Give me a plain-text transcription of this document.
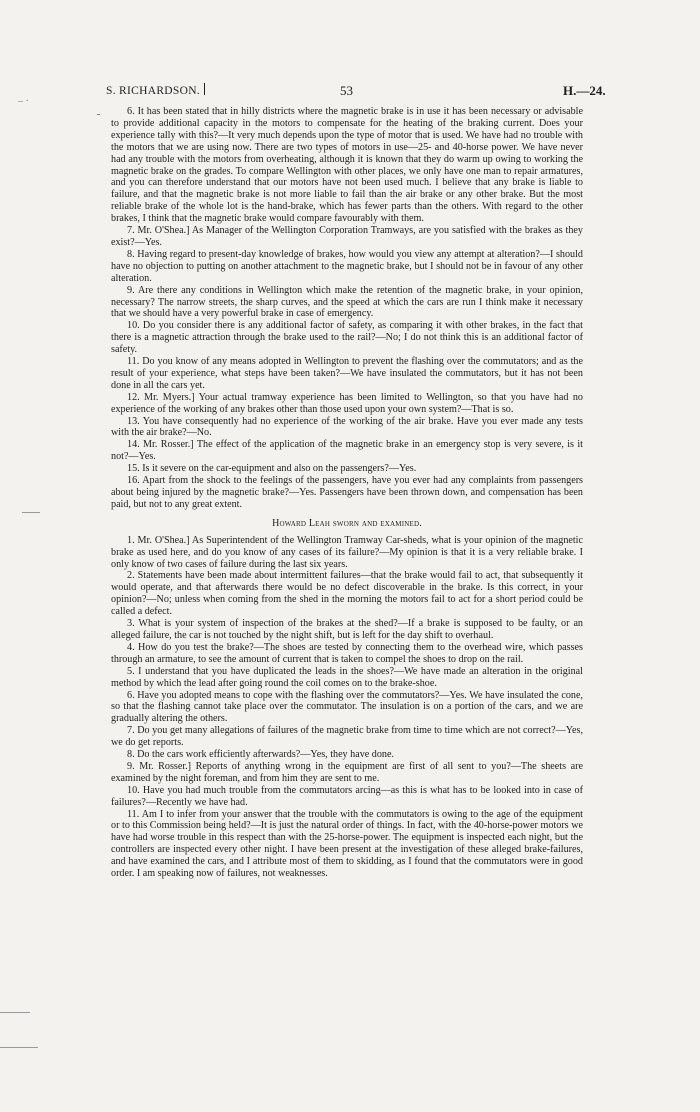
‒ ·
ـ
S. RICHARDSON.	53	H.—24.

6. It has been stated that in hilly districts where the magnetic brake is in use it has been necessary or advisable to provide additional capacity in the motors to compensate for the heating of the braking current. Does your experience tally with this?—It very much depends upon the type of motor that is used. We have had no trouble with the motors that we are using now. There are two types of motors in use—25- and 40-horse power. We have never had any trouble with the motors from overheating, although it is known that they do warm up owing to working the magnetic brake on the grades. To compare Wellington with other places, we only have one man to repair armatures, and you can therefore understand that our motors have not been used much. I believe that any brake is liable to failure, and that the magnetic brake is not more liable to fail than the air brake or any other brake. But the most reliable brake of the whole lot is the hand-brake, which has fewer parts than the others. With regard to the other brakes, I think that the magnetic brake would compare favourably with them.

7. Mr. O'Shea.] As Manager of the Wellington Corporation Tramways, are you satisfied with the brakes as they exist?—Yes.

8. Having regard to present-day knowledge of brakes, how would you view any attempt at alteration?—I should have no objection to putting on another attachment to the magnetic brake, but I should not be in favour of any other alteration.

9. Are there any conditions in Wellington which make the retention of the magnetic brake, in your opinion, necessary? The narrow streets, the sharp curves, and the speed at which the cars are run I think make it necessary that we should have a very powerful brake in case of emergency.

10. Do you consider there is any additional factor of safety, as comparing it with other brakes, in the fact that there is a magnetic attraction through the brake used to the rail?—No; I do not think this is an additional factor of safety.

11. Do you know of any means adopted in Wellington to prevent the flashing over the commutators; and as the result of your experience, what steps have been taken?—We have insulated the commutators, but it has not been done in all the cars yet.

12. Mr. Myers.] Your actual tramway experience has been limited to Wellington, so that you have had no experience of the working of any brakes other than those used upon your own system?—That is so.

13. You have consequently had no experience of the working of the air brake. Have you ever made any tests with the air brake?—No.

14. Mr. Rosser.] The effect of the application of the magnetic brake in an emergency stop is very severe, is it not?—Yes.

15. Is it severe on the car-equipment and also on the passengers?—Yes.

16. Apart from the shock to the feelings of the passengers, have you ever had any complaints from passengers about being injured by the magnetic brake?—Yes. Passengers have been thrown down, and compensation has been paid, but not to any great extent.

Howard Leah sworn and examined.

1. Mr. O'Shea.] As Superintendent of the Wellington Tramway Car-sheds, what is your opinion of the magnetic brake as used here, and do you know of any cases of its failure?—My opinion is that it is a very reliable brake. I only know of two cases of failure during the last six years.

2. Statements have been made about intermittent failures—that the brake would fail to act, that subsequently it would operate, and that afterwards there would be no defect discoverable in the brake. Is this correct, in your opinion?—No; unless when coming from the shed in the morning the motors fail to act for a short period could be called a defect.

3. What is your system of inspection of the brakes at the shed?—If a brake is supposed to be faulty, or an alleged failure, the car is not touched by the night shift, but is left for the day shift to overhaul.

4. How do you test the brake?—The shoes are tested by connecting them to the overhead wire, which passes through an armature, to see the amount of current that is taken to compel the shoes to drop on the rail.

5. I understand that you have duplicated the leads in the shoes?—We have made an alteration in the original method by which the lead after going round the coil comes on to the brake-shoe.

6. Have you adopted means to cope with the flashing over the commutators?—Yes. We have insulated the cone, so that the flashing cannot take place over the commutator. The insulation is on a portion of the cars, and we are gradually altering the others.

7. Do you get many allegations of failures of the magnetic brake from time to time which are not correct?—Yes, we do get reports.

8. Do the cars work efficiently afterwards?—Yes, they have done.

9. Mr. Rosser.] Reports of anything wrong in the equipment are first of all sent to you?—The sheets are examined by the night foreman, and from him they are sent to me.

10. Have you had much trouble from the commutators arcing—as this is what has to be looked into in case of failures?—Recently we have had.

11. Am I to infer from your answer that the trouble with the commutators is owing to the age of the equipment or to this Commission being held?—It is just the natural order of things. In fact, with the 40-horse-power motors we have had worse trouble in this respect than with the 25-horse-power. The equipment is inspected each night, but the controllers are inspected every other night. I have been present at the investigation of these alleged brake-failures, and have examined the cars, and I attribute most of them to skidding, as I found that the commutators were in good order. I am speaking now of failures, not weaknesses.
